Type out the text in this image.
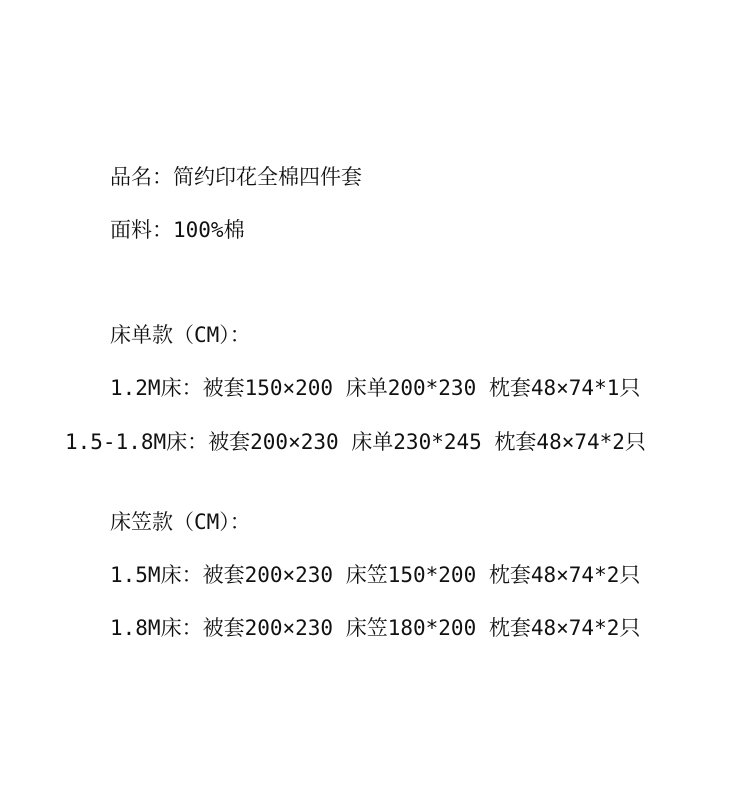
品名：简约印花全棉四件套
面料：100%棉
床单款（CM）：
1.2M床：被套150×200 床单200*230 枕套48×74*1只
1.5-1.8M床：被套200×230 床单230*245 枕套48×74*2只
床笠款（CM）：
1.5M床：被套200×230 床笠150*200 枕套48×74*2只
1.8M床：被套200×230 床笠180*200 枕套48×74*2只
